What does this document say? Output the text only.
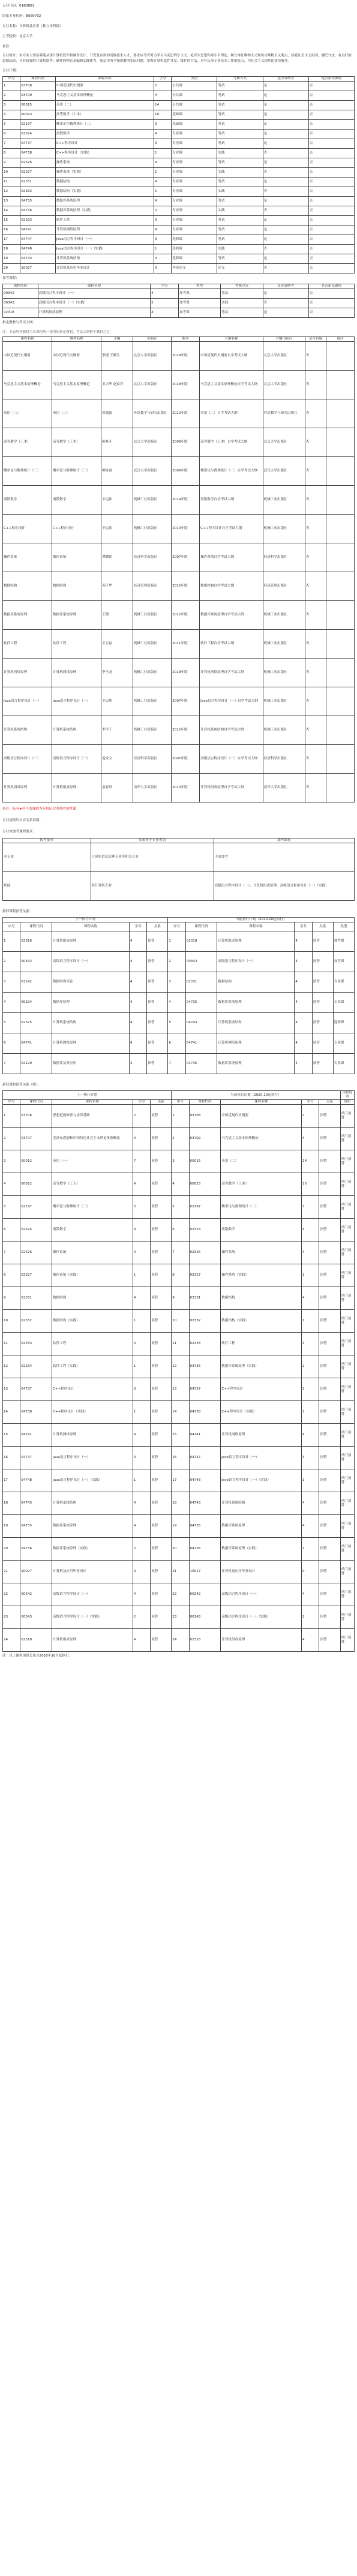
专业代码：01B0801
国家专业代码：B080702
专业名称：计算机及应用（独立本科段）
主考院校：北京大学
备注：
专业简介：本专业主要培养能从事计算机软件和硬件设计、开发及应用的高级技术人才，要求应考者努力学习马克思列宁主义、毛泽东思想和邓小平理论，树立辩证唯物主义和历史唯物主义观点，热爱社会主义祖国，遵纪守法，有良好的道德品质，具有较强的计算机软件、硬件的理论基础和实践能力，能运用所学知识解决实际问题，掌握计算机软件开发、维护的方法，具有从事专业技术工作的能力，为社会主义现代化建设服务。
专业计划：
序号	课程代码	课程名称	学分	类型	考核方式	是否省统考	是否新设课程
1	03708	中国近现代史纲要	2	公共课	笔试	是	否
2	03709	马克思主义基本原理概论	4	公共课	笔试	是	否
3	00015	英语（二）	14	公共课	笔试	是	否
4	00023	高等数学（工本）	10	基础课	笔试	是	否
5	02197	概率论与数理统计（二）	3	基础课	笔试	是	否
6	02324	离散数学	4	专业课	笔试	是	否
7	04737	C++程序设计	3	专业课	笔试	是	否
8	04738	C++程序设计（实践）	1	专业课	实践	否	否
9	02326	操作系统	4	专业课	笔试	是	否
10	02327	操作系统（实践）	1	专业课	实践	否	否
11	02331	数据结构	4	专业课	笔试	是	否
12	02332	数据结构（实践）	1	专业课	实践	否	否
13	04735	数据库系统原理	4	专业课	笔试	是	否
14	04736	数据库系统原理（实践）	2	专业课	实践	否	否
15	02333	软件工程	3	专业课	笔试	是	否
16	04741	计算机网络原理	4	专业课	笔试	是	否
17	04747	Java语言程序设计（一）	3	选修课	笔试	是	否
18	04748	Java语言程序设计（一）（实践）	1	选修课	实践	否	否
19	04743	计算机系统结构	4	选修课	笔试	是	否
20	10027	计算机及应用毕业设计	0	毕业论文	论文	否	否
加考课程：
课程代码	课程名称	学分	类型	考核方式	是否省统考	是否新设课程
00342	高级语言程序设计（一）	4	加考课	笔试	是	否
00343	高级语言程序设计（一）（实践）	2	加考课	实践	否	否
02318	计算机组成原理	4	加考课	笔试	是	否
指定教材与考试大纲：
注：本表所列教材为各课程统一使用的指定教材，考试大纲附于教材之后。
课程名称	教材名称	主编	出版社	版本	大纲名称	大纲出版社	是否自编	备注
中国近现代史纲要	中国近现代史纲要	李捷 王顺生	北京大学出版社	2018年版	中国近现代史纲要自学考试大纲	北京大学出版社	否	
马克思主义基本原理概论	马克思主义基本原理概论	卫兴华 赵家祥	北京大学出版社	2018年版	马克思主义基本原理概论自学考试大纲	北京大学出版社	否	
英语（二）	英语（二）	张敬源	外语教学与研究出版社	2012年版	英语（二）自学考试大纲	外语教学与研究出版社	否	
高等数学（工本）	高等数学（工本）	陈兆斗	北京大学出版社	2006年版	高等数学（工本）自学考试大纲	北京大学出版社	否	
概率论与数理统计（二）	概率论与数理统计（二）	柳金甫	武汉大学出版社	2006年版	概率论与数理统计（二）自学考试大纲	武汉大学出版社	否	
离散数学	离散数学	辛运帏	机械工业出版社	2014年版	离散数学自学考试大纲	机械工业出版社	否	
C++程序设计	C++程序设计	辛运帏	机械工业出版社	2014年版	C++程序设计自学考试大纲	机械工业出版社	否	
操作系统	操作系统	谭耀铭	经济科学出版社	2007年版	操作系统自学考试大纲	经济科学出版社	否	
数据结构	数据结构	苏仕华	经济管理出版社	2012年版	数据结构自学考试大纲	经济管理出版社	否	
数据库系统原理	数据库系统原理	王珊	机械工业出版社	2012年版	数据库系统原理自学考试大纲	机械工业出版社	否	
软件工程	软件工程	王立福	机械工业出版社	2011年版	软件工程自学考试大纲	机械工业出版社	否	
计算机网络原理	计算机网络原理	李全龙	机械工业出版社	2018年版	计算机网络原理自学考试大纲	机械工业出版社	否	
Java语言程序设计（一）	Java语言程序设计（一）	辛运帏	机械工业出版社	2007年版	Java语言程序设计（一）自学考试大纲	机械工业出版社	否	
计算机系统结构	计算机系统结构	李学干	机械工业出版社	2012年版	计算机系统结构自学考试大纲	机械工业出版社	否	
高级语言程序设计（一）	高级语言程序设计（一）	迟成文	经济科学出版社	2007年版	高级语言程序设计（一）自学考试大纲	经济科学出版社	否	
计算机组成原理	计算机组成原理	袁春风	清华大学出版社	2010年版	计算机组成原理自学考试大纲	清华大学出版社	否	
备注：标有★符号的课程为专科层次本科的加考课
专业接续的对应关系说明：
专业本加考课程要求：
报考要求	原来所学专业类别	加考课程
本专业	计算机信息管理专业等相关专业	不需加考
其他	非计算机专业	高级语言程序设计（一）、计算机组成原理、高级语言程序设计（一）（实践）
新旧课程顶替关系：
上一执行计划					当前执行计划（2020.10起执行）						
序号	课程代码	课程名称	学分	关系	序号	课程代码	课程名称	学分	关系	类型	
1	02316	计算机组成原理	4	顶替	1	02318	计算机组成原理	4	顶替	加考课	
2	00342	高级语言程序设计（一）	4	顶替	2	00342	高级语言程序设计（一）	4	顶替	加考课	
3	02142	数据结构导论	4	顶替	3	02331	数据结构	4	顶替	专业课	
4	00324	数据库原理	4	顶替	4	04735	数据库系统原理	4	顶替	专业课	
5	02325	计算机系统结构	4	顶替	5	04743	计算机系统结构	4	顶替	选修课	
6	04741	计算机网络原理	4	顶替	6	04741	计算机网络原理	4	顶替	专业课	
7	02120	数据库及其应用	4	顶替	7	04735	数据库系统原理	4	顶替	专业课	
新旧课程顶替关系（续）：
上一执行计划					当前执行计划（2020.10起执行）					顶替说明
序号	课程代码	课程名称	学分	关系	序号	课程代码	课程名称	学分	关系	说明
1	03706	思想道德修养与法律基础	2	顶替	1	03708	中国近现代史纲要	2	顶替	单门顶替
2	03707	毛泽东思想和中国特色社会主义理论体系概论	4	顶替	2	03709	马克思主义基本原理概论	4	顶替	单门顶替
3	00012	英语（一）	7	顶替	3	00015	英语（二）	14	顶替	单门顶替
4	00022	高等数学（工专）	4	顶替	4	00023	高等数学（工本）	10	顶替	单门顶替
5	02197	概率论与数理统计（二）	3	顶替	5	02197	概率论与数理统计（二）	3	顶替	单门顶替
6	02324	离散数学	4	顶替	6	02324	离散数学	4	顶替	单门顶替
7	02326	操作系统	4	顶替	7	02326	操作系统	4	顶替	单门顶替
8	02327	操作系统（实践）	1	顶替	8	02327	操作系统（实践）	1	顶替	单门顶替
9	02331	数据结构	4	顶替	9	02331	数据结构	4	顶替	单门顶替
10	02332	数据结构（实践）	1	顶替	10	02332	数据结构（实践）	1	顶替	单门顶替
11	02333	软件工程	3	顶替	11	02333	软件工程	3	顶替	单门顶替
12	02334	软件工程（实践）	1	顶替	12	04736	数据库系统原理（实践）	2	顶替	单门顶替
13	04737	C++程序设计	3	顶替	13	04737	C++程序设计	3	顶替	单门顶替
14	04738	C++程序设计（实践）	1	顶替	14	04738	C++程序设计（实践）	1	顶替	单门顶替
15	04741	计算机网络原理	4	顶替	15	04741	计算机网络原理	4	顶替	单门顶替
16	04747	Java语言程序设计（一）	3	顶替	16	04747	Java语言程序设计（一）	3	顶替	单门顶替
17	04748	Java语言程序设计（一）（实践）	1	顶替	17	04748	Java语言程序设计（一）（实践）	1	顶替	单门顶替
18	04743	计算机系统结构	4	顶替	18	04743	计算机系统结构	4	顶替	单门顶替
19	04735	数据库系统原理	4	顶替	19	04735	数据库系统原理	4	顶替	单门顶替
20	04736	数据库系统原理（实践）	2	顶替	20	04736	数据库系统原理（实践）	2	顶替	单门顶替
21	10027	计算机及应用毕业设计	0	顶替	21	10027	计算机及应用毕业设计	0	顶替	单门顶替
22	00342	高级语言程序设计（一）	4	顶替	22	00342	高级语言程序设计（一）	4	顶替	单门顶替
23	00343	高级语言程序设计（一）（实践）	2	顶替	23	00343	高级语言程序设计（一）（实践）	2	顶替	单门顶替
24	02318	计算机组成原理	4	顶替	24	02318	计算机组成原理	4	顶替	单门顶替
注：以上课程顶替关系自2020年10月起执行。
